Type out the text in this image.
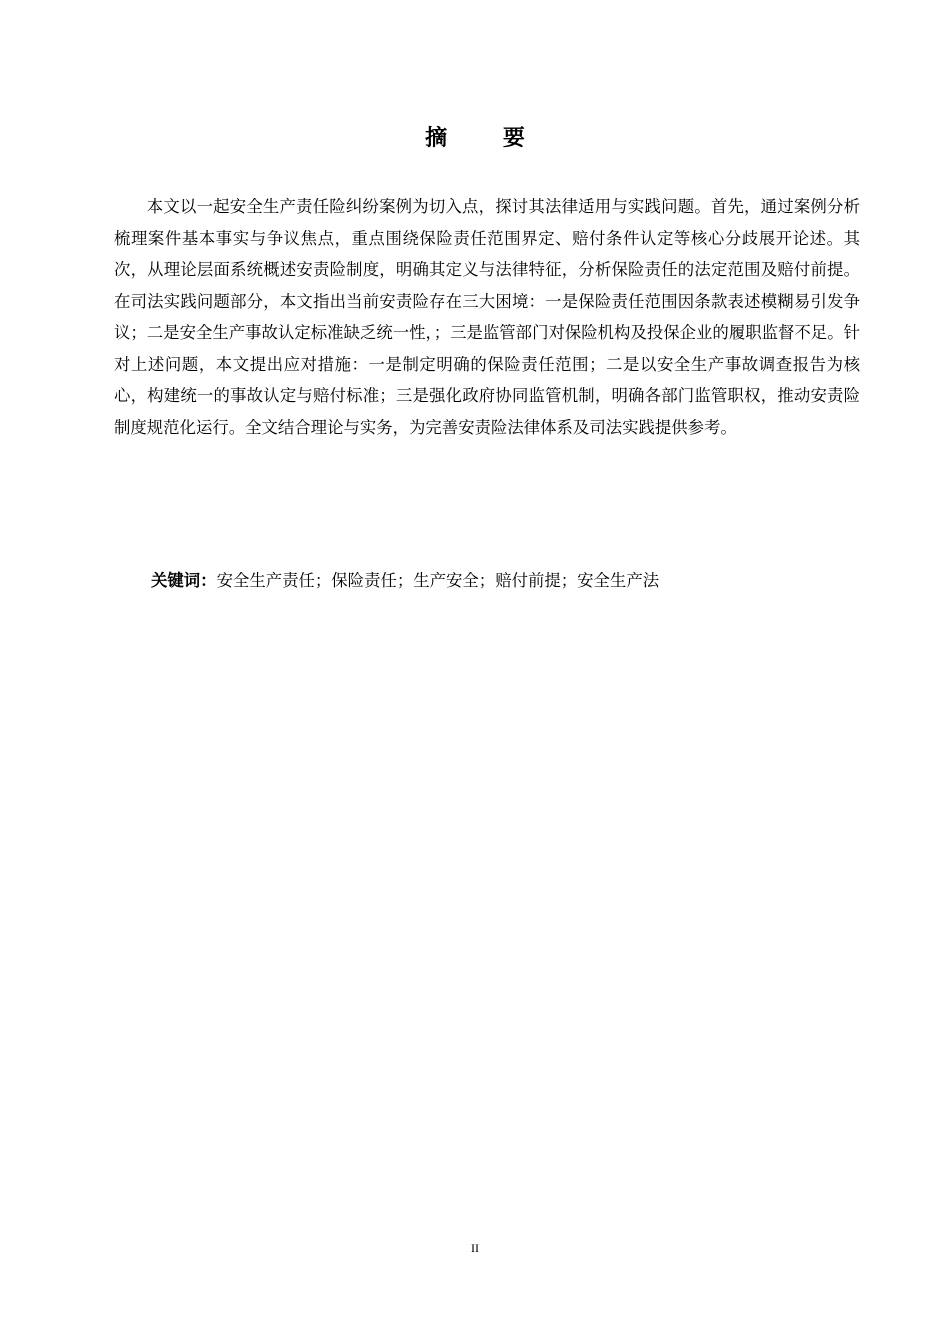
摘 要

本文以一起安全生产责任险纠纷案例为切入点，探讨其法律适用与实践问题。首先，通过案例分析梳理案件基本事实与争议焦点，重点围绕保险责任范围界定、赔付条件认定等核心分歧展开论述。其次，从理论层面系统概述安责险制度，明确其定义与法律特征，分析保险责任的法定范围及赔付前提。在司法实践问题部分，本文指出当前安责险存在三大困境：一是保险责任范围因条款表述模糊易引发争议；二是安全生产事故认定标准缺乏统一性，；三是监管部门对保险机构及投保企业的履职监督不足。针对上述问题，本文提出应对措施：一是制定明确的保险责任范围；二是以安全生产事故调查报告为核心，构建统一的事故认定与赔付标准；三是强化政府协同监管机制，明确各部门监管职权，推动安责险制度规范化运行。全文结合理论与实务，为完善安责险法律体系及司法实践提供参考。

关键词：安全生产责任；保险责任；生产安全；赔付前提；安全生产法
II
